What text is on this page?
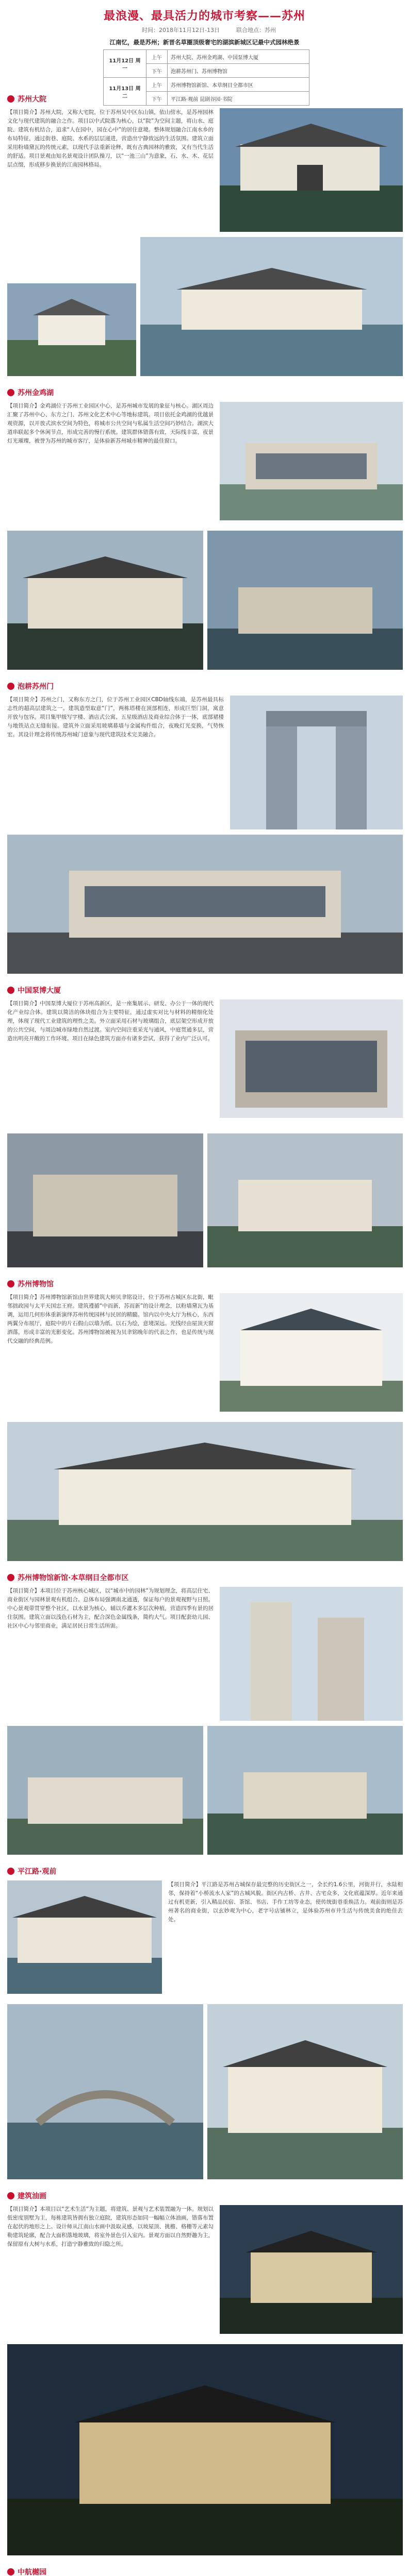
最浪漫、最具活力的城市考察——苏州
时间：2018年11月12日-13日	联合地点：苏州
江南忆，最是苏州；新晋名草圈顶级奢宅的湖滨新城区记最中式园林绝景
11月12日 周一	上午	苏州大院、苏州金鸡湖、中国泵博大厦
	下午	泡耕苏州门、苏州博物馆
11月13日 周二	上午	苏州博物馆新馆、本草纲目全都市区
	下午	平江路·观前 昆剧谷园·书院
苏州大院
【项目简介】苏州大院，又称大宅院，位于苏州吴中区东山镇，依山傍水，是苏州园林文化与现代建筑的融合之作。项目以中式院落为核心，以“院”为空间主题，将山水、庭院、建筑有机结合，追求“人在园中，园在心中”的居住意境。整体规划融合江南水乡的布局特征，通过街巷、庭院、水系的层层递进，营造出宁静致远的生活氛围。建筑立面采用粉墙黛瓦的传统元素，以现代手法重新诠释，既有古典园林的雅致，又有当代生活的舒适。项目景观由知名景观设计团队操刀，以“一池三山”为意象，石、水、木、花层层点缀，形成移步换景的江南园林格局。
苏州金鸡湖
【项目简介】金鸡湖位于苏州工业园区中心，是苏州城市发展的象征与核心。湖区周边汇聚了苏州中心、东方之门、苏州文化艺术中心等地标建筑。项目依托金鸡湖的优越景观资源，以开放式滨水空间为特色，将城市公共空间与私属生活空间巧妙结合。湖滨大道串联起多个休闲节点，形成完善的慢行系统。建筑群体错落有致，天际线丰富，夜景灯光璀璨，被誉为苏州的城市客厅，是体验新苏州城市精神的最佳窗口。
泡耕苏州门
【项目简介】苏州之门，又称东方之门，位于苏州工业园区CBD轴线东端，是苏州最具标志性的超高层建筑之一。建筑造型取意“门”，两栋塔楼在顶部相连，形成巨型门洞，寓意开放与包容。项目集甲级写字楼、酒店式公寓、五星级酒店及商业综合体于一体，底部裙楼与地铁站点无缝衔接。建筑外立面采用玻璃幕墙与金属构件组合，夜晚灯光变换，气势恢宏。其设计理念将传统苏州城门意象与现代建筑技术完美融合。
中国泵博大厦
【项目简介】中国泵博大厦位于苏州高新区，是一座集展示、研发、办公于一体的现代化产业综合体。建筑以简洁的体块组合为主要特征，通过虚实对比与材料的精细化处理，体现了现代工业建筑的理性之美。外立面采用石材与玻璃组合，底层架空形成开放的公共空间，与周边城市绿地自然过渡。室内空间注重采光与通风，中庭贯通多层，营造出明亮开敞的工作环境。项目在绿色建筑方面亦有诸多尝试，获得了业内广泛认可。
苏州博物馆
【项目简介】苏州博物馆新馆由世界建筑大师贝聿铭设计，位于苏州古城区东北街，毗邻拙政园与太平天国忠王府。建筑遵循“中而新，苏而新”的设计理念，以粉墙黛瓦为基调，运用几何形体重新演绎苏州传统园林与民居的精髓。馆内以中央大厅为核心，东西两翼分布展厅，庭院中的片石假山以墙为纸、以石为绘，意境深远。光线经由屋顶天窗洒落，形成丰富的光影变化。苏州博物馆被视为贝聿铭晚年的代表之作，也是传统与现代交融的经典范例。
苏州博物馆新馆·本草纲目全都市区
【项目简介】本项目位于苏州核心城区，以“城市中的园林”为规划理念，将高层住宅、商业街区与园林景观有机组合。总体布局强调南北通透，保证每户的景观视野与日照。中心景观带贯穿整个社区，以水景为核心，辅以乔灌木多层次种植，营造四季有景的居住氛围。建筑立面以浅色石材为主，配合深色金属线条，简约大气。项目配套幼儿园、社区中心与邻里商业，满足居民日常生活所需。
平江路·观前
【项目简介】平江路是苏州古城保存最完整的历史街区之一，全长约1.6公里，河街并行，水陆相邻，保持着“小桥流水人家”的古城风貌。街区内古桥、古井、古宅众多，文化底蕴深厚。近年来通过有机更新，引入精品民宿、茶馆、书店、手作工坊等业态，使传统街巷重焕活力。观前街则是苏州著名的商业街，以玄妙观为中心，老字号店铺林立，是体验苏州市井生活与传统美食的绝佳去处。
建筑油画
【项目简介】本项目以“艺术生活”为主题，将建筑、景观与艺术装置融为一体。规划以低密度别墅为主，每栋建筑皆拥有独立庭院，建筑形态如同一幅幅立体油画，错落布置在起伏的地形之上。设计师从江南山水画中汲取灵感，以坡屋顶、挑檐、格栅等元素勾勒建筑轮廓，配合大面积落地玻璃，将室外景色引入室内。景观方面以自然野趣为主，保留原有大树与水系，打造宁静雅致的归隐之所。
中航樾园
